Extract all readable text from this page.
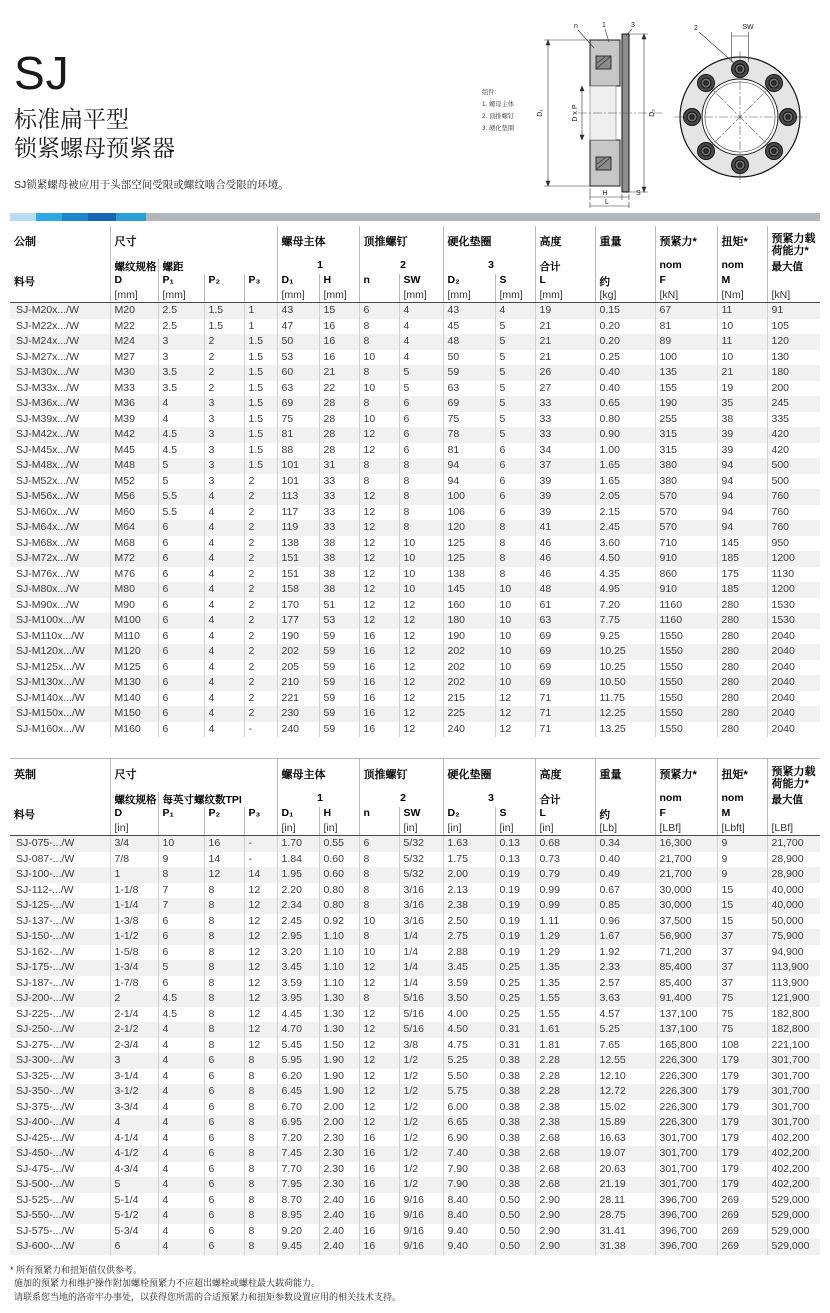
SJ
标准扁平型
锁紧螺母预紧器
SJ锁紧螺母被应用于头部空间受限或螺纹啮合受限的环境。
组件:
1. 螺母主体
2. 顶推螺钉
3. 硬化垫圈
D₁	D x P	D₂
H	S
L
n	1	3	2	SW
公制	尺寸				螺母主体		顶推螺钉		硬化垫圈		高度	重量	预紧力*	扭矩*	预紧力载荷能力*
	螺纹规格	螺距			1		2		3		合计		nom	nom	最大值
料号	D	P₁	P₂	P₃	D₁	H	n	SW	D₂	S	L	约	F	M	
	[mm]	[mm]			[mm]	[mm]		[mm]	[mm]	[mm]	[mm]	[kg]	[kN]	[Nm]	[kN]
SJ-M20x.../W	M20	2.5	1.5	1	43	15	6	4	43	4	19	0.15	67	11	91
SJ-M22x.../W	M22	2.5	1.5	1	47	16	8	4	45	5	21	0.20	81	10	105
SJ-M24x.../W	M24	3	2	1.5	50	16	8	4	48	5	21	0.20	89	11	120
SJ-M27x.../W	M27	3	2	1.5	53	16	10	4	50	5	21	0.25	100	10	130
SJ-M30x.../W	M30	3.5	2	1.5	60	21	8	5	59	5	26	0.40	135	21	180
SJ-M33x.../W	M33	3.5	2	1.5	63	22	10	5	63	5	27	0.40	155	19	200
SJ-M36x.../W	M36	4	3	1.5	69	28	8	6	69	5	33	0.65	190	35	245
SJ-M39x.../W	M39	4	3	1.5	75	28	10	6	75	5	33	0.80	255	38	335
SJ-M42x.../W	M42	4.5	3	1.5	81	28	12	6	78	5	33	0.90	315	39	420
SJ-M45x.../W	M45	4.5	3	1.5	88	28	12	6	81	6	34	1.00	315	39	420
SJ-M48x.../W	M48	5	3	1.5	101	31	8	8	94	6	37	1.65	380	94	500
SJ-M52x.../W	M52	5	3	2	101	33	8	8	94	6	39	1.65	380	94	500
SJ-M56x.../W	M56	5.5	4	2	113	33	12	8	100	6	39	2.05	570	94	760
SJ-M60x.../W	M60	5.5	4	2	117	33	12	8	106	6	39	2.15	570	94	760
SJ-M64x.../W	M64	6	4	2	119	33	12	8	120	8	41	2.45	570	94	760
SJ-M68x.../W	M68	6	4	2	138	38	12	10	125	8	46	3.60	710	145	950
SJ-M72x.../W	M72	6	4	2	151	38	12	10	125	8	46	4.50	910	185	1200
SJ-M76x.../W	M76	6	4	2	151	38	12	10	138	8	46	4.35	860	175	1130
SJ-M80x.../W	M80	6	4	2	158	38	12	10	145	10	48	4.95	910	185	1200
SJ-M90x.../W	M90	6	4	2	170	51	12	12	160	10	61	7.20	1160	280	1530
SJ-M100x.../W	M100	6	4	2	177	53	12	12	180	10	63	7.75	1160	280	1530
SJ-M110x.../W	M110	6	4	2	190	59	16	12	190	10	69	9.25	1550	280	2040
SJ-M120x.../W	M120	6	4	2	202	59	16	12	202	10	69	10.25	1550	280	2040
SJ-M125x.../W	M125	6	4	2	205	59	16	12	202	10	69	10.25	1550	280	2040
SJ-M130x.../W	M130	6	4	2	210	59	16	12	202	10	69	10.50	1550	280	2040
SJ-M140x.../W	M140	6	4	2	221	59	16	12	215	12	71	11.75	1550	280	2040
SJ-M150x.../W	M150	6	4	2	230	59	16	12	225	12	71	12.25	1550	280	2040
SJ-M160x.../W	M160	6	4	-	240	59	16	12	240	12	71	13.25	1550	280	2040
英制	尺寸				螺母主体		顶推螺钉		硬化垫圈		高度	重量	预紧力*	扭矩*	预紧力载荷能力*
	螺纹规格	每英寸螺纹数TPI			1		2		3		合计		nom	nom	最大值
料号	D	P₁	P₂	P₃	D₁	H	n	SW	D₂	S	L	约	F	M	
	[in]				[in]	[in]		[in]	[in]	[in]	[in]	[Lb]	[LBf]	[Lbft]	[LBf]
SJ-075-.../W	3/4	10	16	-	1.70	0.55	6	5/32	1.63	0.13	0.68	0.34	16,300	9	21,700
SJ-087-.../W	7/8	9	14	-	1.84	0.60	8	5/32	1.75	0.13	0.73	0.40	21,700	9	28,900
SJ-100-.../W	1	8	12	14	1.95	0.60	8	5/32	2.00	0.19	0.79	0.49	21,700	9	28,900
SJ-112-.../W	1-1/8	7	8	12	2.20	0.80	8	3/16	2.13	0.19	0.99	0.67	30,000	15	40,000
SJ-125-.../W	1-1/4	7	8	12	2.34	0.80	8	3/16	2.38	0.19	0.99	0.85	30,000	15	40,000
SJ-137-.../W	1-3/8	6	8	12	2.45	0.92	10	3/16	2.50	0.19	1.11	0.96	37,500	15	50,000
SJ-150-.../W	1-1/2	6	8	12	2.95	1.10	8	1/4	2.75	0.19	1.29	1.67	56,900	37	75,900
SJ-162-.../W	1-5/8	6	8	12	3.20	1.10	10	1/4	2.88	0.19	1.29	1.92	71,200	37	94,900
SJ-175-.../W	1-3/4	5	8	12	3.45	1.10	12	1/4	3.45	0.25	1.35	2.33	85,400	37	113,900
SJ-187-.../W	1-7/8	6	8	12	3.59	1.10	12	1/4	3.59	0.25	1.35	2.57	85,400	37	113,900
SJ-200-.../W	2	4.5	8	12	3.95	1.30	8	5/16	3.50	0.25	1.55	3.63	91,400	75	121,900
SJ-225-.../W	2-1/4	4.5	8	12	4.45	1.30	12	5/16	4.00	0.25	1.55	4.57	137,100	75	182,800
SJ-250-.../W	2-1/2	4	8	12	4.70	1.30	12	5/16	4.50	0.31	1.61	5.25	137,100	75	182,800
SJ-275-.../W	2-3/4	4	8	12	5.45	1.50	12	3/8	4.75	0.31	1.81	7.65	165,800	108	221,100
SJ-300-.../W	3	4	6	8	5.95	1.90	12	1/2	5.25	0.38	2.28	12.55	226,300	179	301,700
SJ-325-.../W	3-1/4	4	6	8	6.20	1.90	12	1/2	5.50	0.38	2.28	12.10	226,300	179	301,700
SJ-350-.../W	3-1/2	4	6	8	6.45	1.90	12	1/2	5.75	0.38	2.28	12.72	226,300	179	301,700
SJ-375-.../W	3-3/4	4	6	8	6.70	2.00	12	1/2	6.00	0.38	2.38	15.02	226,300	179	301,700
SJ-400-.../W	4	4	6	8	6.95	2.00	12	1/2	6.65	0.38	2.38	15.89	226,300	179	301,700
SJ-425-.../W	4-1/4	4	6	8	7.20	2.30	16	1/2	6.90	0.38	2.68	16.63	301,700	179	402,200
SJ-450-.../W	4-1/2	4	6	8	7.45	2.30	16	1/2	7.40	0.38	2.68	19.07	301,700	179	402,200
SJ-475-.../W	4-3/4	4	6	8	7.70	2.30	16	1/2	7.90	0.38	2.68	20.63	301,700	179	402,200
SJ-500-.../W	5	4	6	8	7.95	2.30	16	1/2	7.90	0.38	2.68	21.19	301,700	179	402,200
SJ-525-.../W	5-1/4	4	6	8	8.70	2.40	16	9/16	8.40	0.50	2.90	28.11	396,700	269	529,000
SJ-550-.../W	5-1/2	4	6	8	8.95	2.40	16	9/16	8.40	0.50	2.90	28.75	396,700	269	529,000
SJ-575-.../W	5-3/4	4	6	8	9.20	2.40	16	9/16	9.40	0.50	2.90	31.41	396,700	269	529,000
SJ-600-.../W	6	4	6	8	9.45	2.40	16	9/16	9.40	0.50	2.90	31.38	396,700	269	529,000
* 所有预紧力和扭矩值仅供参考。
施加的预紧力和维护操作附加螺栓预紧力不应超出螺栓或螺柱最大载荷能力。
请联系您当地的洛帝牢办事处，以获得您所需的合适预紧力和扭矩参数设置应用的相关技术支持。
